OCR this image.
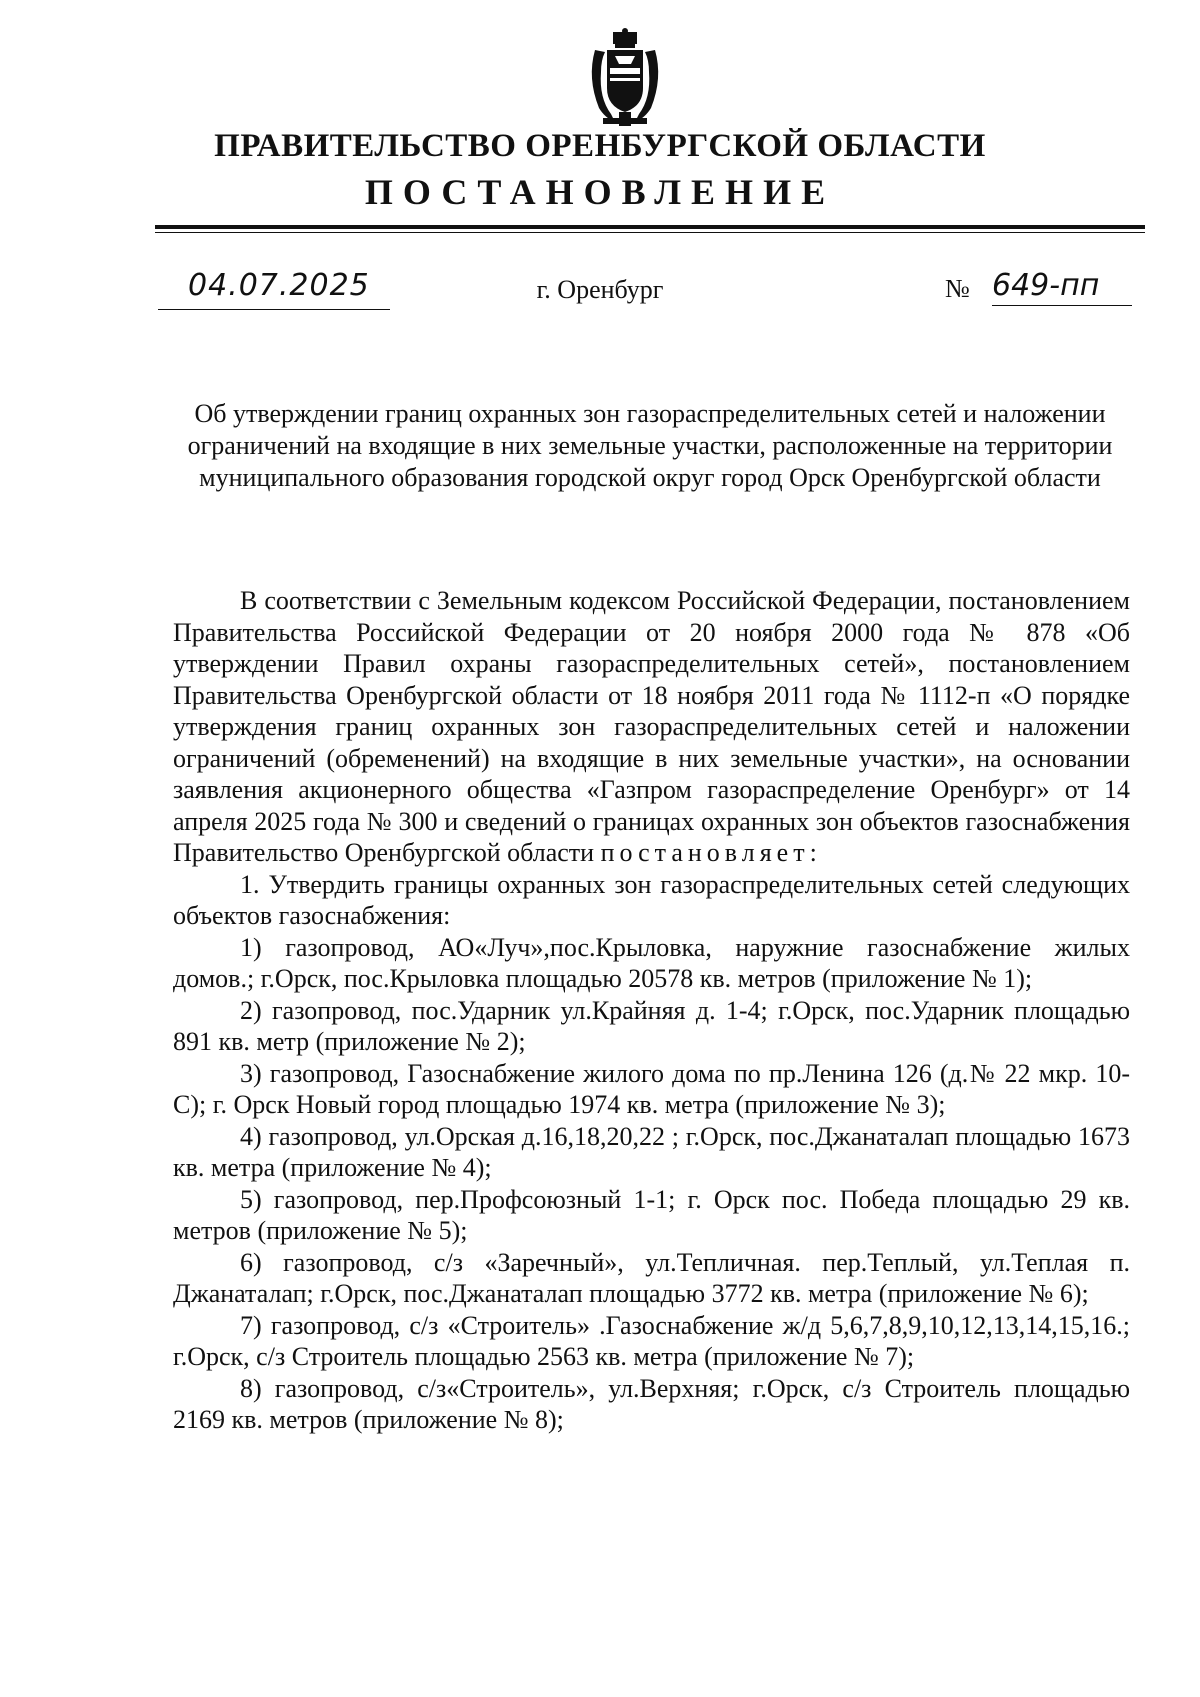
ПРАВИТЕЛЬСТВО ОРЕНБУРГСКОЙ ОБЛАСТИ
ПОСТАНОВЛЕНИЕ
04.07.2025	г. Оренбург	№ 649-пп
Об утверждении границ охранных зон газораспределительных сетей и наложении ограничений на входящие в них земельные участки, расположенные на территории муниципального образования городской округ город Орск Оренбургской области

В соответствии с Земельным кодексом Российской Федерации, постановлением Правительства Российской Федерации от 20 ноября 2000 года № 878 «Об утверждении Правил охраны газораспределительных сетей», постановлением Правительства Оренбургской области от 18 ноября 2011 года № 1112-п «О порядке утверждения границ охранных зон газораспределительных сетей и наложении ограничений (обременений) на входящие в них земельные участки», на основании заявления акционерного общества «Газпром газораспределение Оренбург» от 14 апреля 2025 года № 300 и сведений о границах охранных зон объектов газоснабжения Правительство Оренбургской области постановляет:

1. Утвердить границы охранных зон газораспределительных сетей следующих объектов газоснабжения:

1) газопровод, АО«Луч»,пос.Крыловка, наружние газоснабжение жилых домов.; г.Орск, пос.Крыловка площадью 20578 кв. метров (приложение № 1);

2) газопровод, пос.Ударник ул.Крайняя д. 1-4; г.Орск, пос.Ударник площадью 891 кв. метр (приложение № 2);

3) газопровод, Газоснабжение жилого дома по пр.Ленина 126 (д.№ 22 мкр. 10-С); г. Орск Новый город площадью 1974 кв. метра (приложение № 3);

4) газопровод, ул.Орская д.16,18,20,22 ; г.Орск, пос.Джанаталап площадью 1673 кв. метра (приложение № 4);

5) газопровод, пер.Профсоюзный 1-1; г. Орск пос. Победа площадью 29 кв. метров (приложение № 5);

6) газопровод, с/з «Заречный», ул.Тепличная. пер.Теплый, ул.Теплая п. Джанаталап; г.Орск, пос.Джанаталап площадью 3772 кв. метра (приложение № 6);

7) газопровод, с/з «Строитель» .Газоснабжение ж/д 5,6,7,8,9,10,12,13,14,15,16.; г.Орск, с/з Строитель площадью 2563 кв. метра (приложение № 7);

8) газопровод, с/з«Строитель», ул.Верхняя; г.Орск, с/з Строитель площадью 2169 кв. метров (приложение № 8);
